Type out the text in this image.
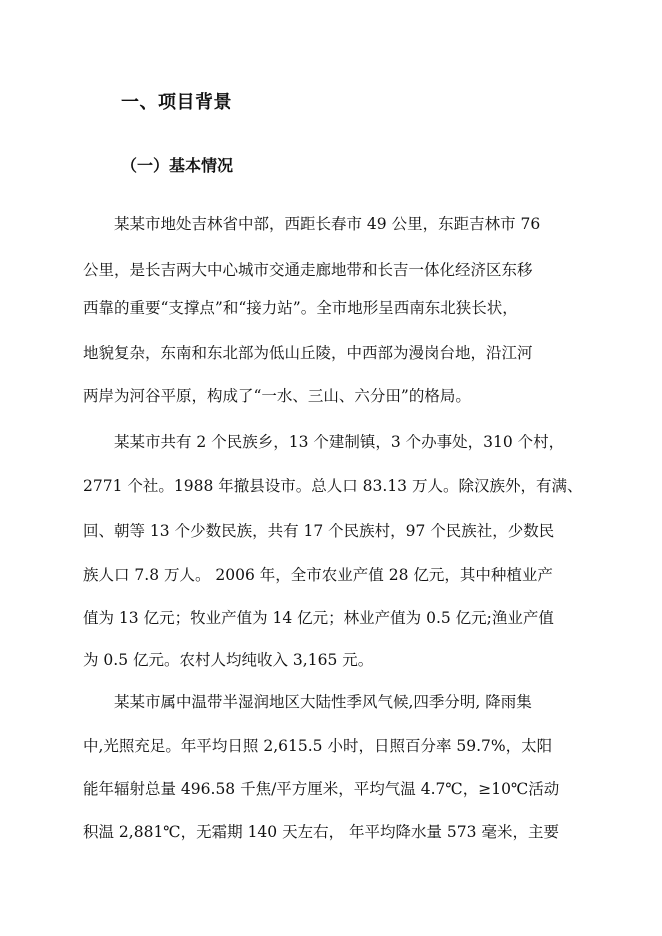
一、项目背景
（一）基本情况
某某市地处吉林省中部，西距长春市 49 公里，东距吉林市 76
公里，是长吉两大中心城市交通走廊地带和长吉一体化经济区东移
西靠的重要“支撑点”和“接力站”。全市地形呈西南东北狭长状，
地貌复杂，东南和东北部为低山丘陵，中西部为漫岗台地，沿江河
两岸为河谷平原，构成了“一水、三山、六分田”的格局。
某某市共有 2 个民族乡，13 个建制镇，3 个办事处，310 个村，
2771 个社。1988 年撤县设市。总人口 83.13 万人。除汉族外，有满、
回、朝等 13 个少数民族，共有 17 个民族村，97 个民族社，少数民
族人口 7.8 万人。 2006 年，全市农业产值 28 亿元，其中种植业产
值为 13 亿元；牧业产值为 14 亿元；林业产值为 0.5 亿元;渔业产值
为 0.5 亿元。农村人均纯收入 3,165 元。
某某市属中温带半湿润地区大陆性季风气候,四季分明, 降雨集
中,光照充足。年平均日照 2,615.5 小时，日照百分率 59.7%，太阳
能年辐射总量 496.58 千焦/平方厘米，平均气温 4.7℃，≥10℃活动
积温 2,881℃，无霜期 140 天左右， 年平均降水量 573 毫米，主要
